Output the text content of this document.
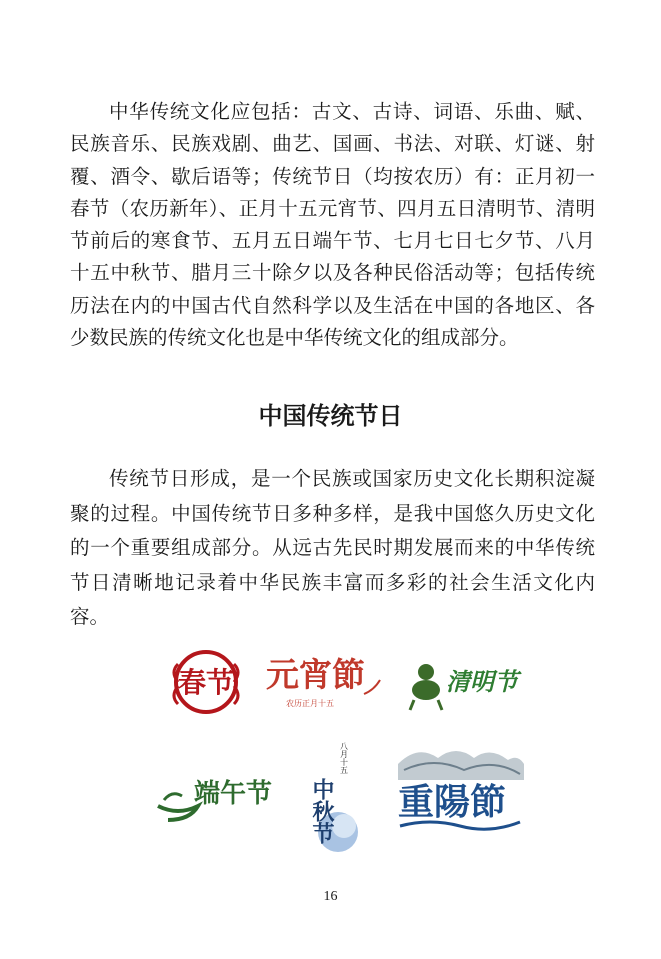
中华传统文化应包括：古文、古诗、词语、乐曲、赋、民族音乐、民族戏剧、曲艺、国画、书法、对联、灯谜、射覆、酒令、歇后语等；传统节日（均按农历）有：正月初一春节（农历新年）、正月十五元宵节、四月五日清明节、清明节前后的寒食节、五月五日端午节、七月七日七夕节、八月十五中秋节、腊月三十除夕以及各种民俗活动等；包括传统历法在内的中国古代自然科学以及生活在中国的各地区、各少数民族的传统文化也是中华传统文化的组成部分。

中国传统节日

传统节日形成，是一个民族或国家历史文化长期积淀凝聚的过程。中国传统节日多种多样，是我中国悠久历史文化的一个重要组成部分。从远古先民时期发展而来的中华传统节日清晰地记录着中华民族丰富而多彩的社会生活文化内容。

春节 元宵節
农历正月十五
清明节
端午节
八月十五
中秋节 重陽節
16
